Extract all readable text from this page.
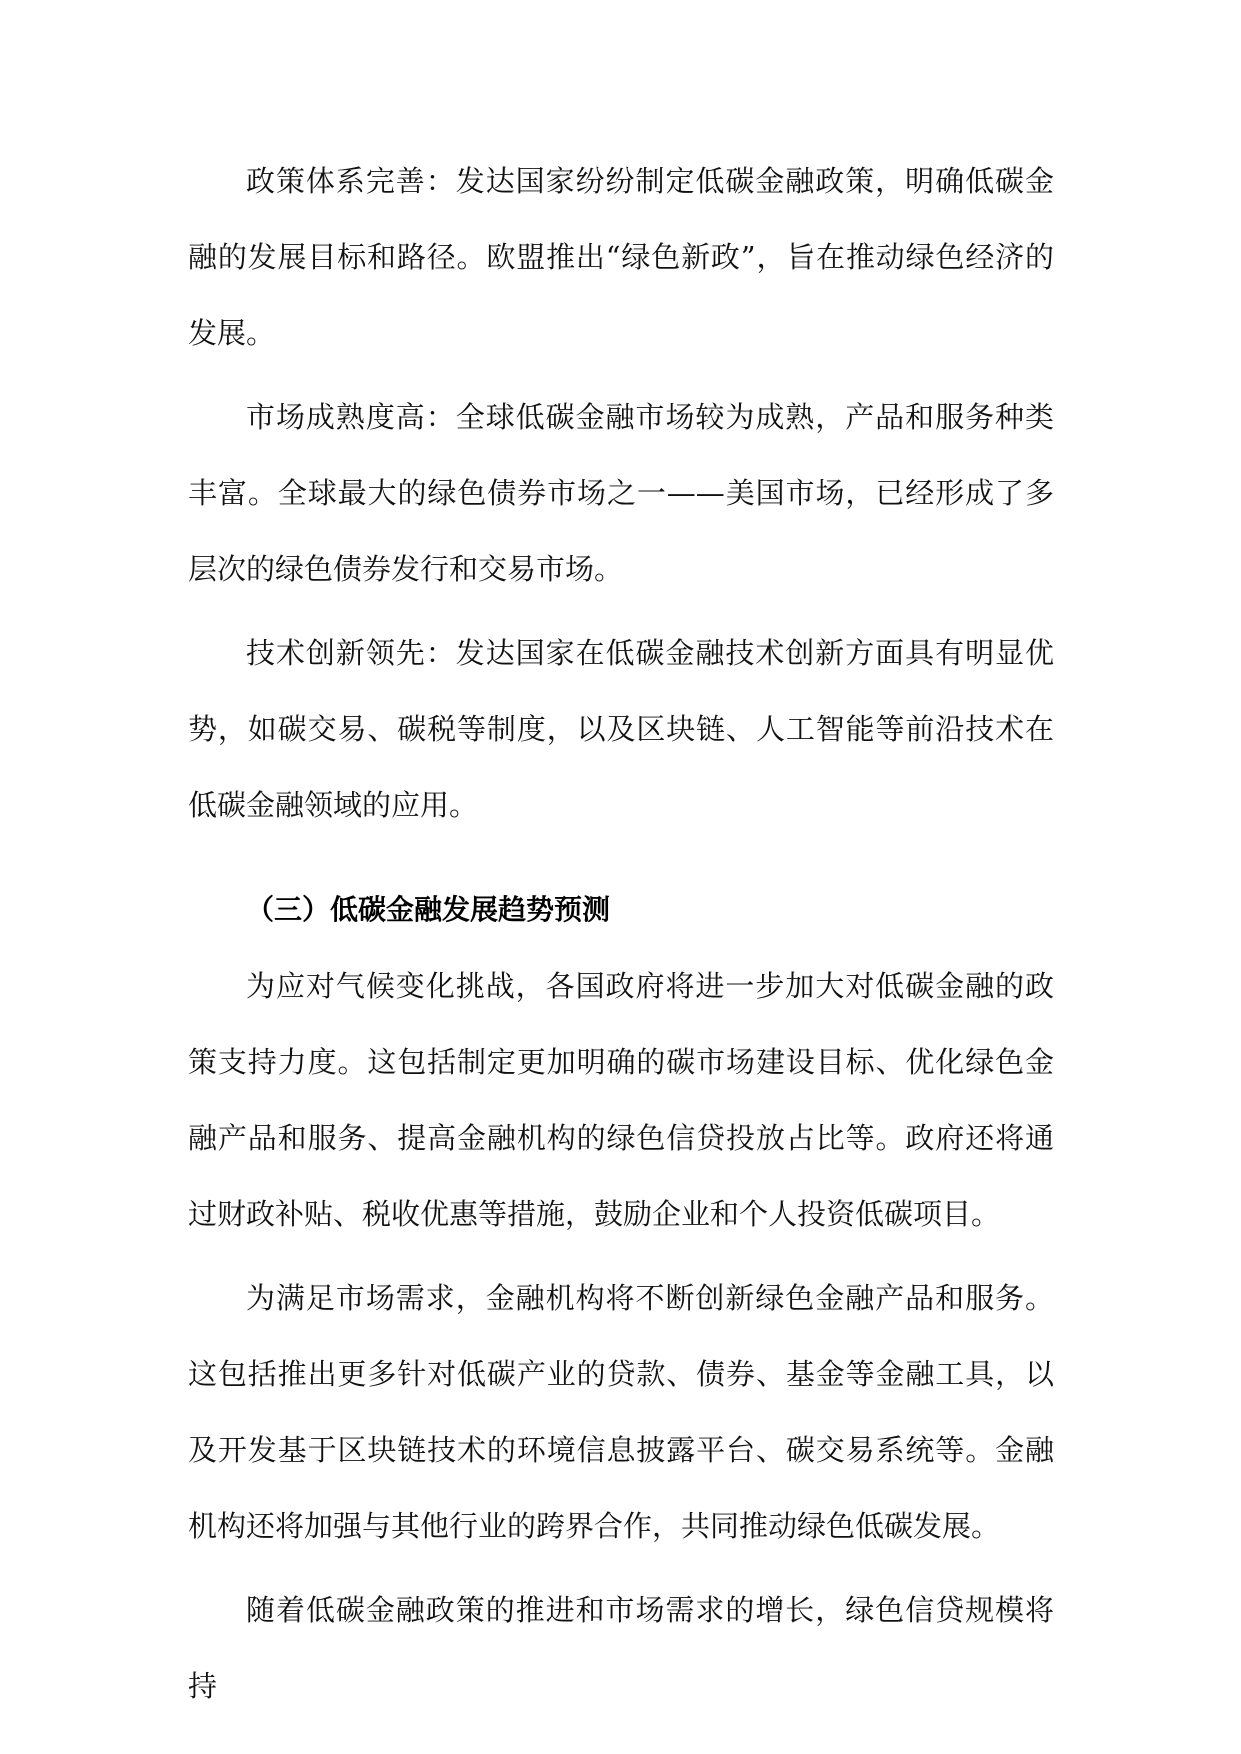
政策体系完善：发达国家纷纷制定低碳金融政策，明确低碳金融的发展目标和路径。欧盟推出“绿色新政”，旨在推动绿色经济的发展。

市场成熟度高：全球低碳金融市场较为成熟，产品和服务种类丰富。全球最大的绿色债券市场之一——美国市场，已经形成了多层次的绿色债券发行和交易市场。

技术创新领先：发达国家在低碳金融技术创新方面具有明显优势，如碳交易、碳税等制度，以及区块链、人工智能等前沿技术在低碳金融领域的应用。

（三）低碳金融发展趋势预测

为应对气候变化挑战，各国政府将进一步加大对低碳金融的政策支持力度。这包括制定更加明确的碳市场建设目标、优化绿色金融产品和服务、提高金融机构的绿色信贷投放占比等。政府还将通过财政补贴、税收优惠等措施，鼓励企业和个人投资低碳项目。

为满足市场需求，金融机构将不断创新绿色金融产品和服务。这包括推出更多针对低碳产业的贷款、债券、基金等金融工具，以及开发基于区块链技术的环境信息披露平台、碳交易系统等。金融机构还将加强与其他行业的跨界合作，共同推动绿色低碳发展。

随着低碳金融政策的推进和市场需求的增长，绿色信贷规模将持
